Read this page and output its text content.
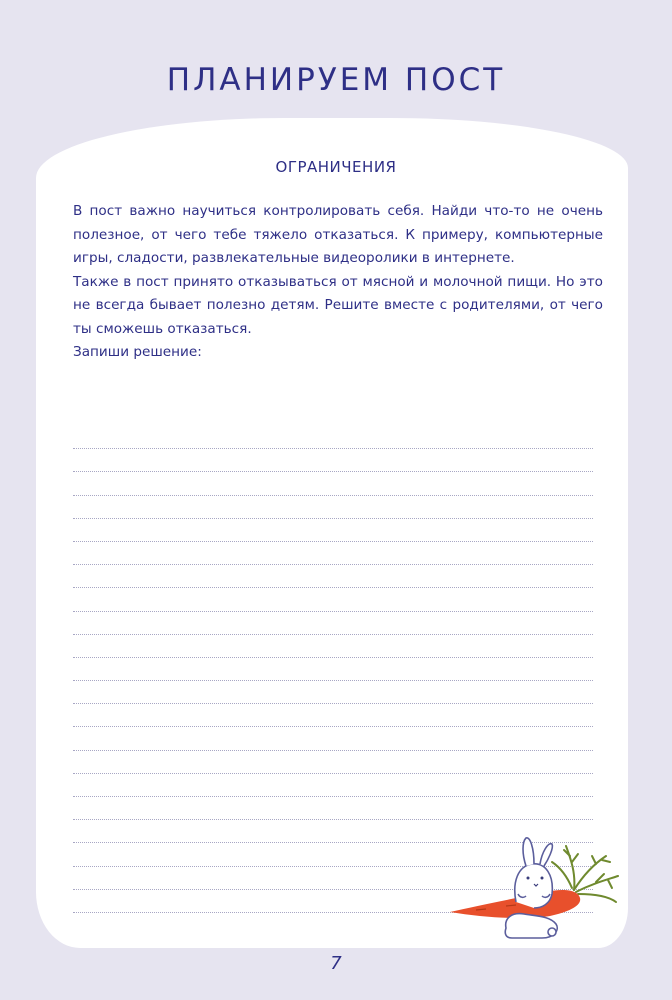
ПЛАНИРУЕМ ПОСТ
ОГРАНИЧЕНИЯ

В пост важно научиться контролировать себя. Найди что-то не очень полезное, от чего тебе тяжело отказаться. К примеру, компьютерные игры, сладости, развлекательные видеоролики в интернете.

Также в пост принято отказываться от мясной и молочной пищи. Но это не всегда бывает полезно детям. Решите вместе с родителями, от чего ты сможешь отказаться.

Запиши решение:

7
